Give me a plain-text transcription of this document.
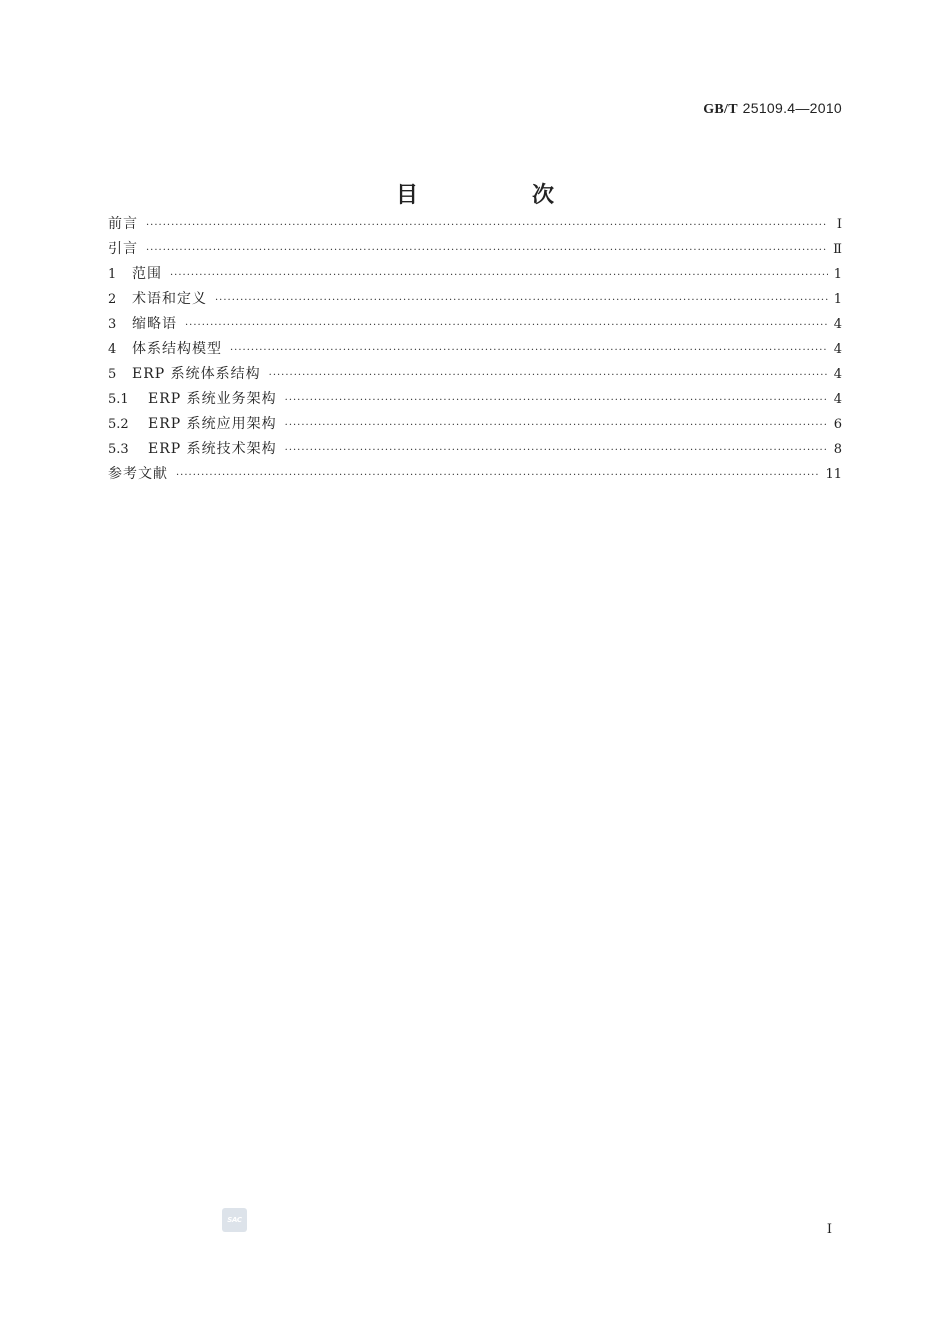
GB/T 25109.4—2010
目　次
前言 ·····	Ⅰ
引言 ·····	Ⅱ
1	范围 ·····	1
2	术语和定义 ·····	1
3	缩略语 ·····	4
4	体系结构模型 ·····	4
5	ERP 系统体系结构 ·····	4
5.1	ERP 系统业务架构 ·····	4
5.2	ERP 系统应用架构 ·····	6
5.3	ERP 系统技术架构 ·····	8
参考文献 ·····	11
SAC
Ⅰ
